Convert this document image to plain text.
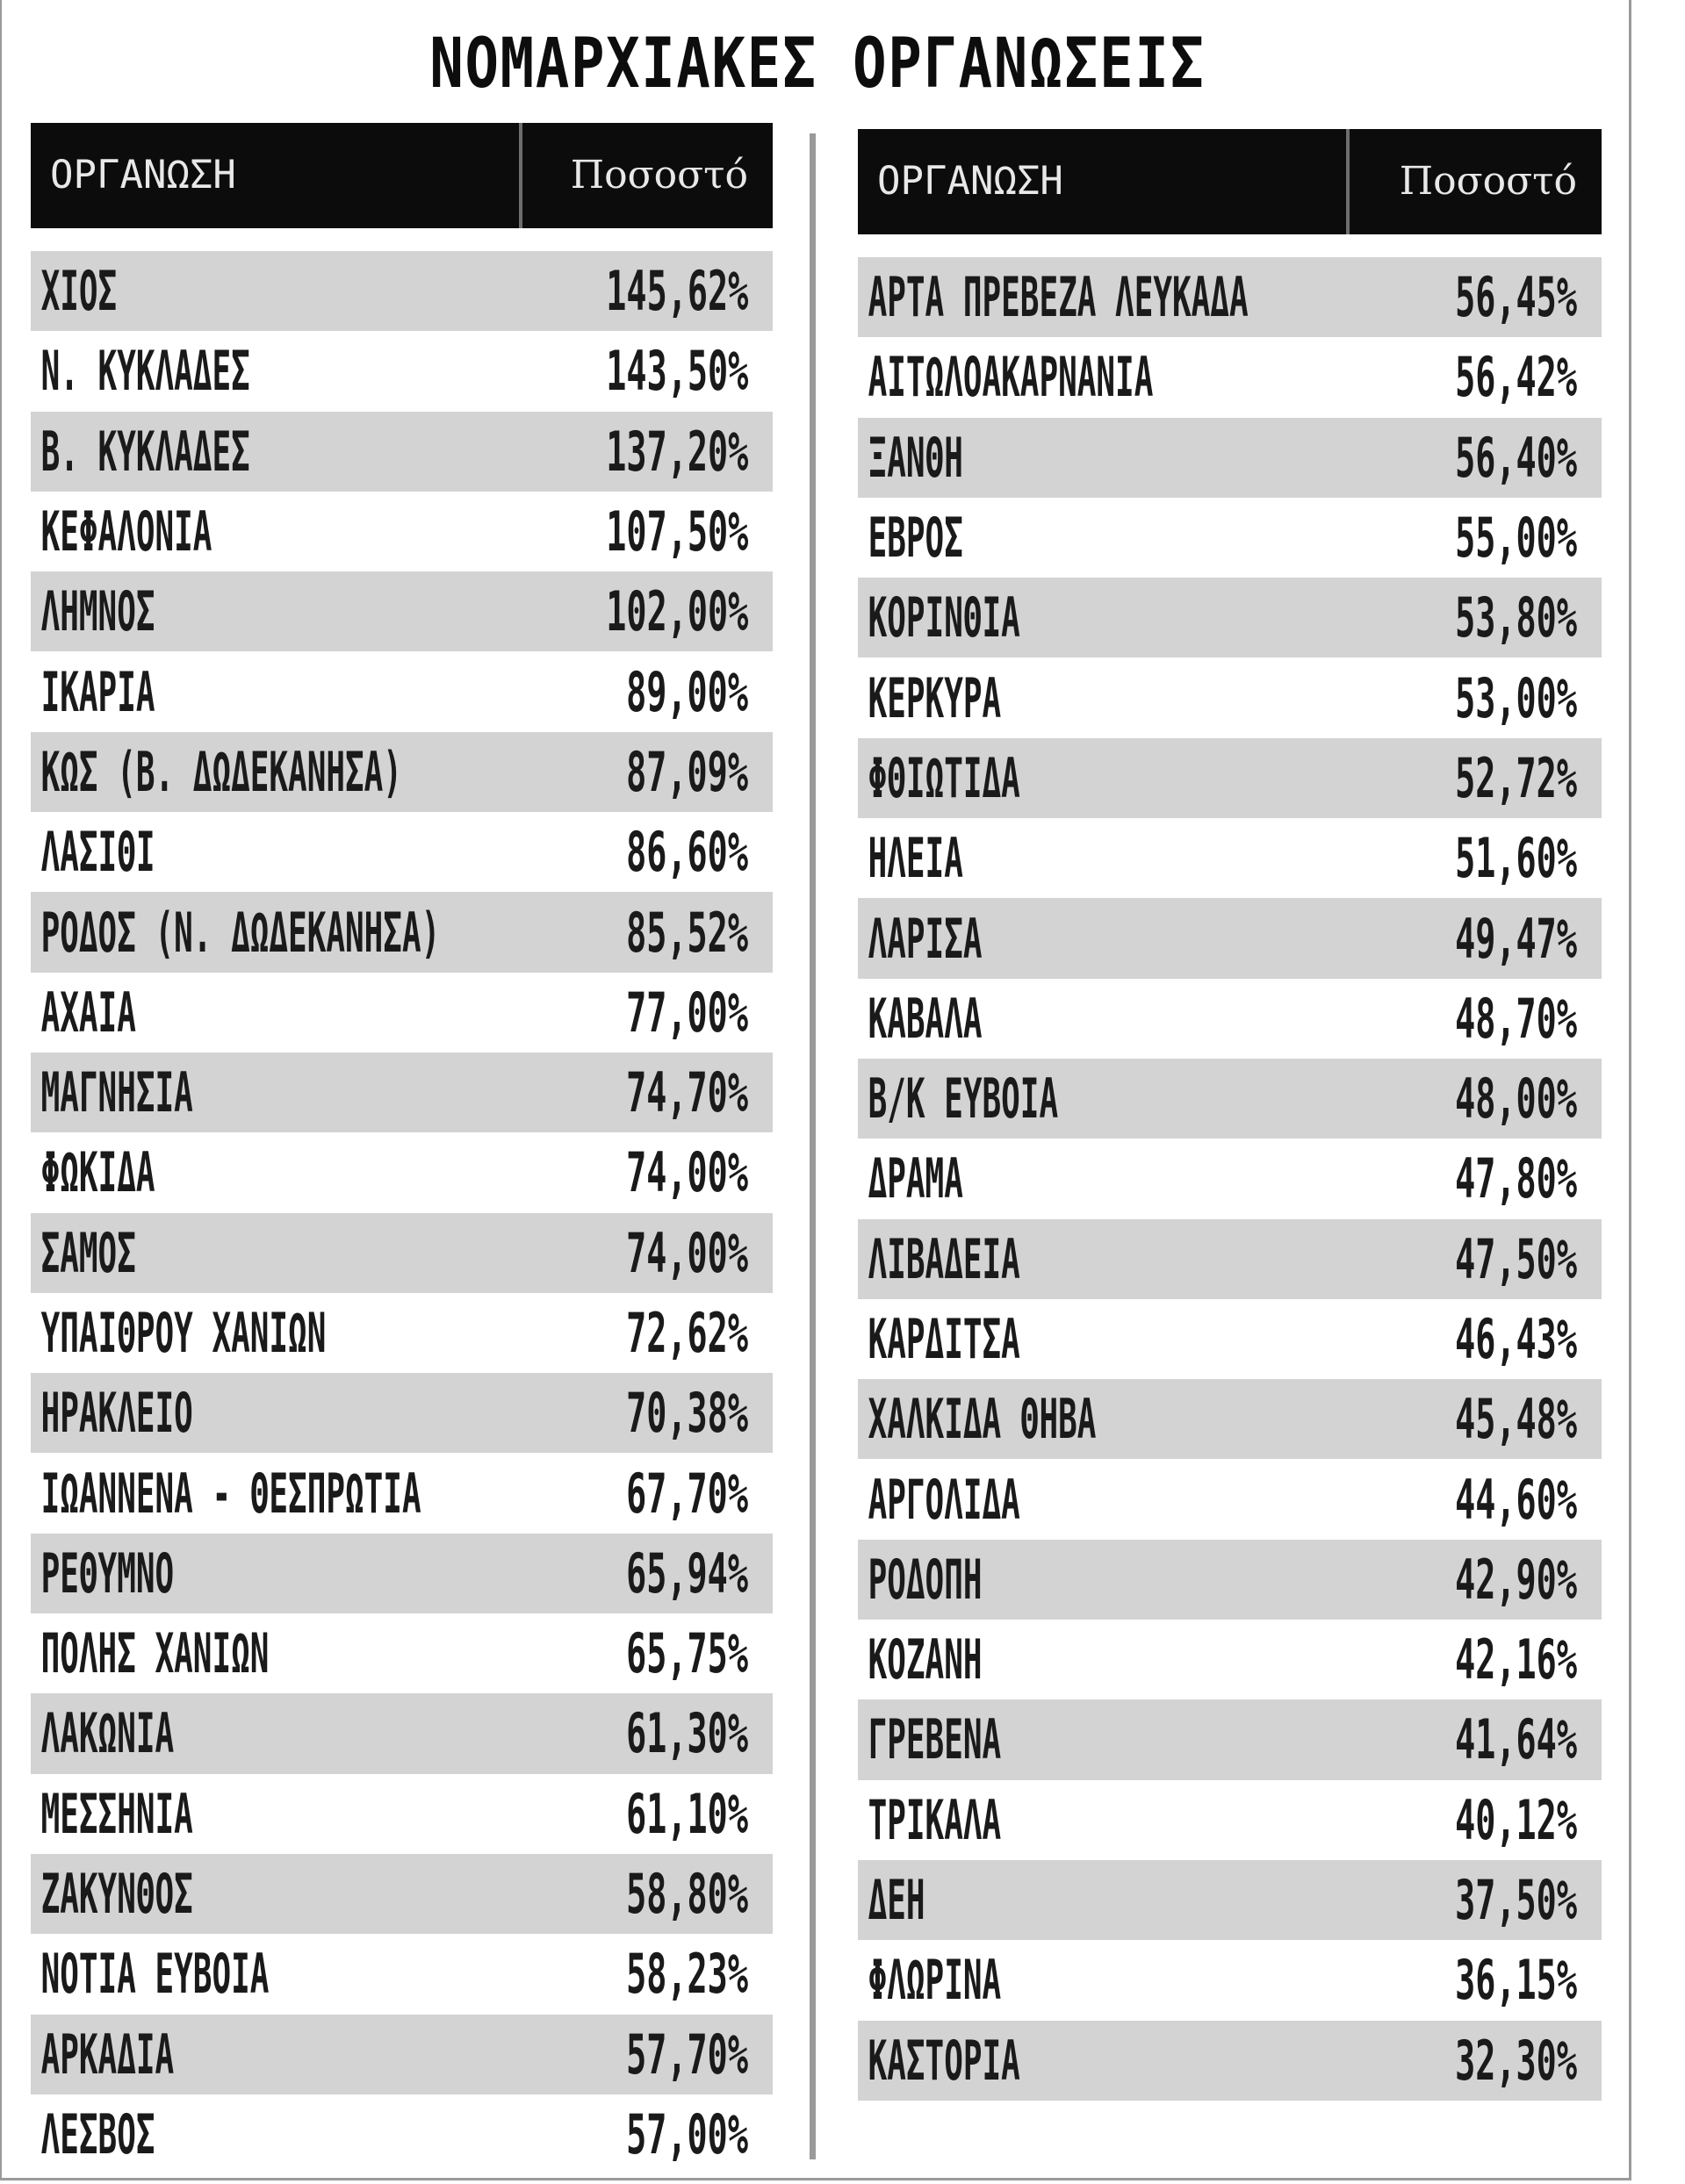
ΝΟΜΑΡΧΙΑΚΕΣ ΟΡΓΑΝΩΣΕΙΣ
ΟΡΓΑΝΩΣΗ	Ποσοστό
ΧΙΟΣ	145,62%
Ν. ΚΥΚΛΑΔΕΣ	143,50%
Β. ΚΥΚΛΑΔΕΣ	137,20%
ΚΕΦΑΛΟΝΙΑ	107,50%
ΛΗΜΝΟΣ	102,00%
ΙΚΑΡΙΑ	89,00%
ΚΩΣ (Β. ΔΩΔΕΚΑΝΗΣΑ)	87,09%
ΛΑΣΙΘΙ	86,60%
ΡΟΔΟΣ (Ν. ΔΩΔΕΚΑΝΗΣΑ)	85,52%
ΑΧΑΙΑ	77,00%
ΜΑΓΝΗΣΙΑ	74,70%
ΦΩΚΙΔΑ	74,00%
ΣΑΜΟΣ	74,00%
ΥΠΑΙΘΡΟΥ ΧΑΝΙΩΝ	72,62%
ΗΡΑΚΛΕΙΟ	70,38%
ΙΩΑΝΝΕΝΑ - ΘΕΣΠΡΩΤΙΑ	67,70%
ΡΕΘΥΜΝΟ	65,94%
ΠΟΛΗΣ ΧΑΝΙΩΝ	65,75%
ΛΑΚΩΝΙΑ	61,30%
ΜΕΣΣΗΝΙΑ	61,10%
ΖΑΚΥΝΘΟΣ	58,80%
ΝΟΤΙΑ ΕΥΒΟΙΑ	58,23%
ΑΡΚΑΔΙΑ	57,70%
ΛΕΣΒΟΣ	57,00%
ΟΡΓΑΝΩΣΗ	Ποσοστό
ΑΡΤΑ ΠΡΕΒΕΖΑ ΛΕΥΚΑΔΑ	56,45%
ΑΙΤΩΛΟΑΚΑΡΝΑΝΙΑ	56,42%
ΞΑΝΘΗ	56,40%
ΕΒΡΟΣ	55,00%
ΚΟΡΙΝΘΙΑ	53,80%
ΚΕΡΚΥΡΑ	53,00%
ΦΘΙΩΤΙΔΑ	52,72%
ΗΛΕΙΑ	51,60%
ΛΑΡΙΣΑ	49,47%
ΚΑΒΑΛΑ	48,70%
Β/Κ ΕΥΒΟΙΑ	48,00%
ΔΡΑΜΑ	47,80%
ΛΙΒΑΔΕΙΑ	47,50%
ΚΑΡΔΙΤΣΑ	46,43%
ΧΑΛΚΙΔΑ ΘΗΒΑ	45,48%
ΑΡΓΟΛΙΔΑ	44,60%
ΡΟΔΟΠΗ	42,90%
ΚΟΖΑΝΗ	42,16%
ΓΡΕΒΕΝΑ	41,64%
ΤΡΙΚΑΛΑ	40,12%
ΔΕΗ	37,50%
ΦΛΩΡΙΝΑ	36,15%
ΚΑΣΤΟΡΙΑ	32,30%
